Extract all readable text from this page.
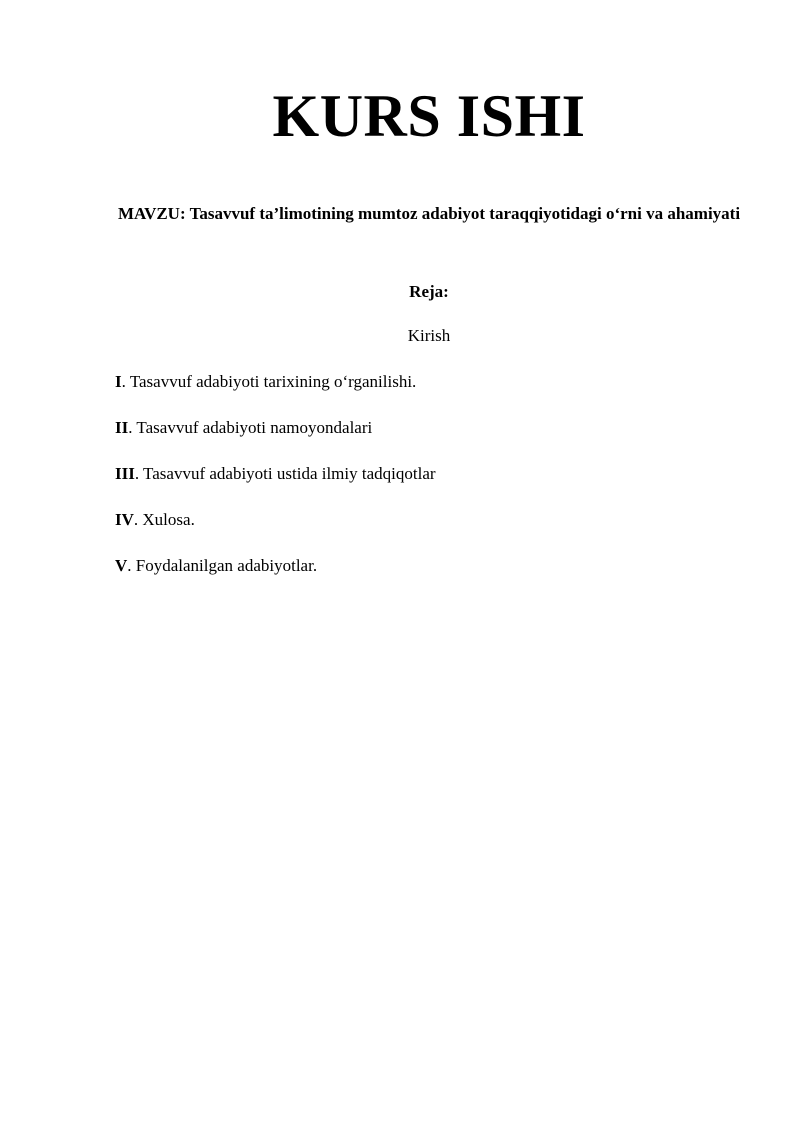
KURS ISHI
MAVZU: Tasavvuf ta’limotining mumtoz adabiyot taraqqiyotidagi o‘rni va ahamiyati
Reja:
Kirish
I. Tasavvuf adabiyoti tarixining o‘rganilishi.
II. Tasavvuf adabiyoti namoyondalari
III. Tasavvuf adabiyoti ustida ilmiy tadqiqotlar
IV. Xulosa.
V. Foydalanilgan adabiyotlar.
